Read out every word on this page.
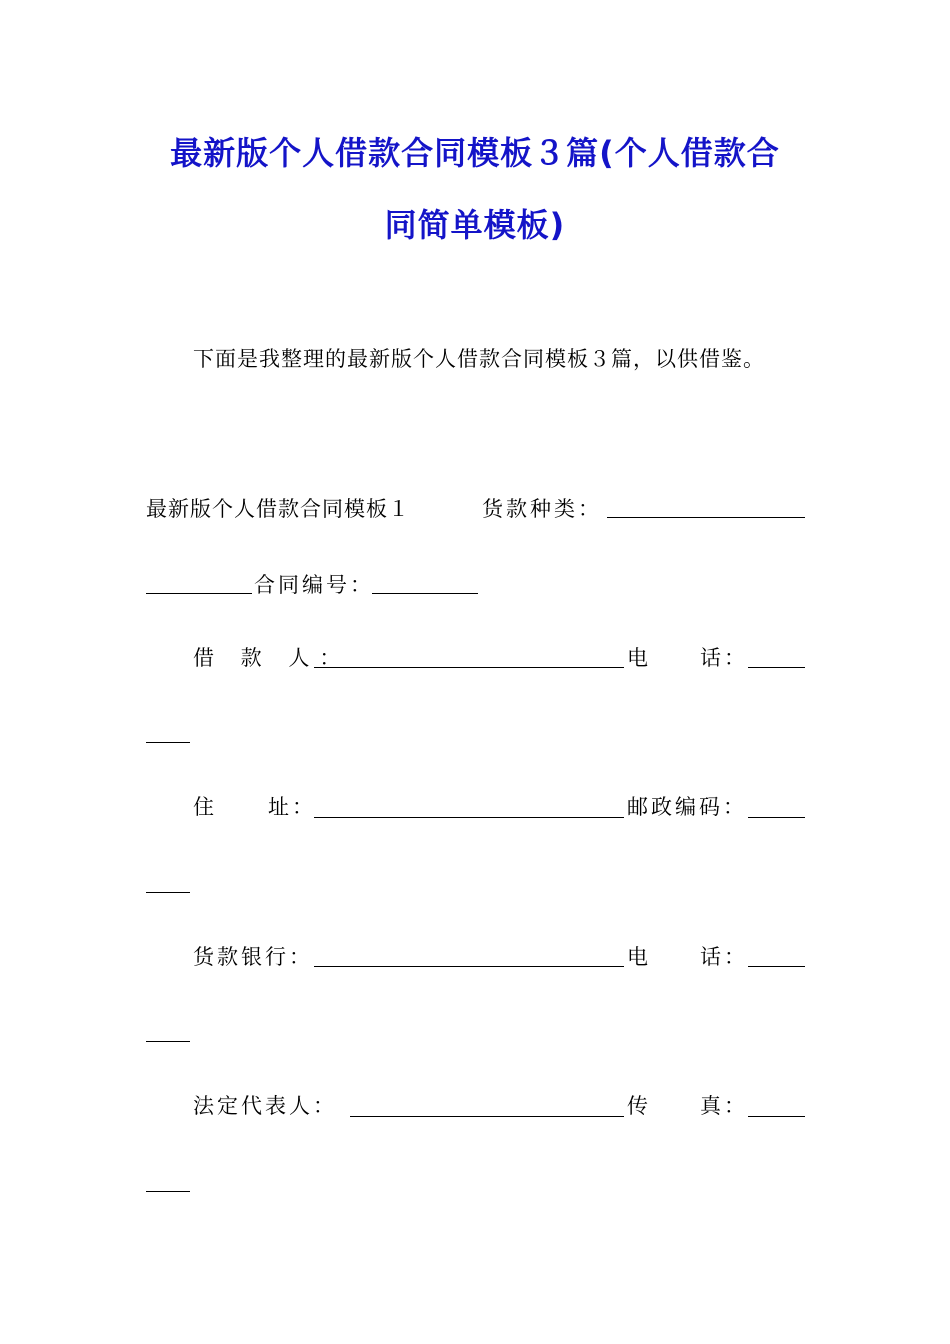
最新版个人借款合同模板３篇(个人借款合
同简单模板)
下面是我整理的最新版个人借款合同模板３篇，以供借鉴。
最新版个人借款合同模板１	货款种类：
合同编号：
借 款 人：	电 话：
住	址：	邮政编码：
货款银行：	电 话：
法定代表人：	传 真：
